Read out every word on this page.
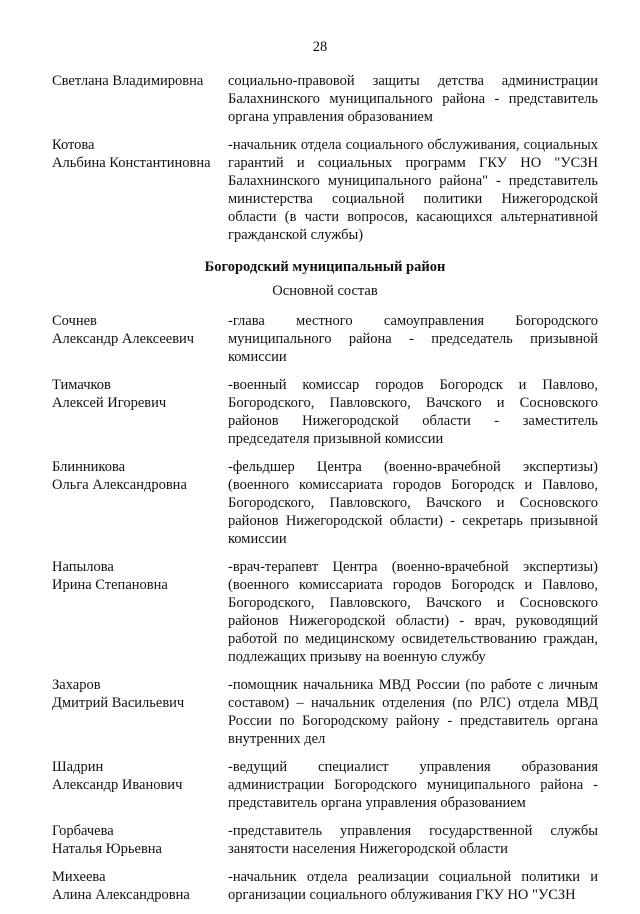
28
Светлана Владимировна	социально-правовой защиты детства администрации Балахнинского муниципального района - представитель органа управления образованием
Котова
Альбина Константиновна
-начальник отдела социального обслуживания, социальных гарантий и социальных программ ГКУ НО "УСЗН Балахнинского муниципального района" - представитель министерства социальной политики Нижегородской области (в части вопросов, касающихся альтернативной гражданской службы)
Богородский муниципальный район
Основной состав
Сочнев
Александр Алексеевич
-глава местного самоуправления Богородского муниципального района - председатель призывной комиссии
Тимачков
Алексей Игоревич
-военный комиссар городов Богородск и Павлово, Богородского, Павловского, Вачского и Сосновского районов Нижегородской области - заместитель председателя призывной комиссии
Блинникова
Ольга Александровна
-фельдшер Центра (военно-врачебной экспертизы) (военного комиссариата городов Богородск и Павлово, Богородского, Павловского, Вачского и Сосновского районов Нижегородской области) - секретарь призывной комиссии
Напылова
Ирина Степановна
-врач-терапевт Центра (военно-врачебной экспертизы) (военного комиссариата городов Богородск и Павлово, Богородского, Павловского, Вачского и Сосновского районов Нижегородской области) - врач, руководящий работой по медицинскому освидетельствованию граждан, подлежащих призыву на военную службу
Захаров
Дмитрий Васильевич
-помощник начальника МВД России (по работе с личным составом) – начальник отделения (по РЛС) отдела МВД России по Богородскому району - представитель органа внутренних дел
Шадрин
Александр Иванович
-ведущий специалист управления образования администрации Богородского муниципального района - представитель органа управления образованием
Горбачева
Наталья Юрьевна
-представитель управления государственной службы занятости населения Нижегородской области
Михеева
Алина Александровна
-начальник отдела реализации социальной политики и организации социального облуживания ГКУ НО "УСЗН
